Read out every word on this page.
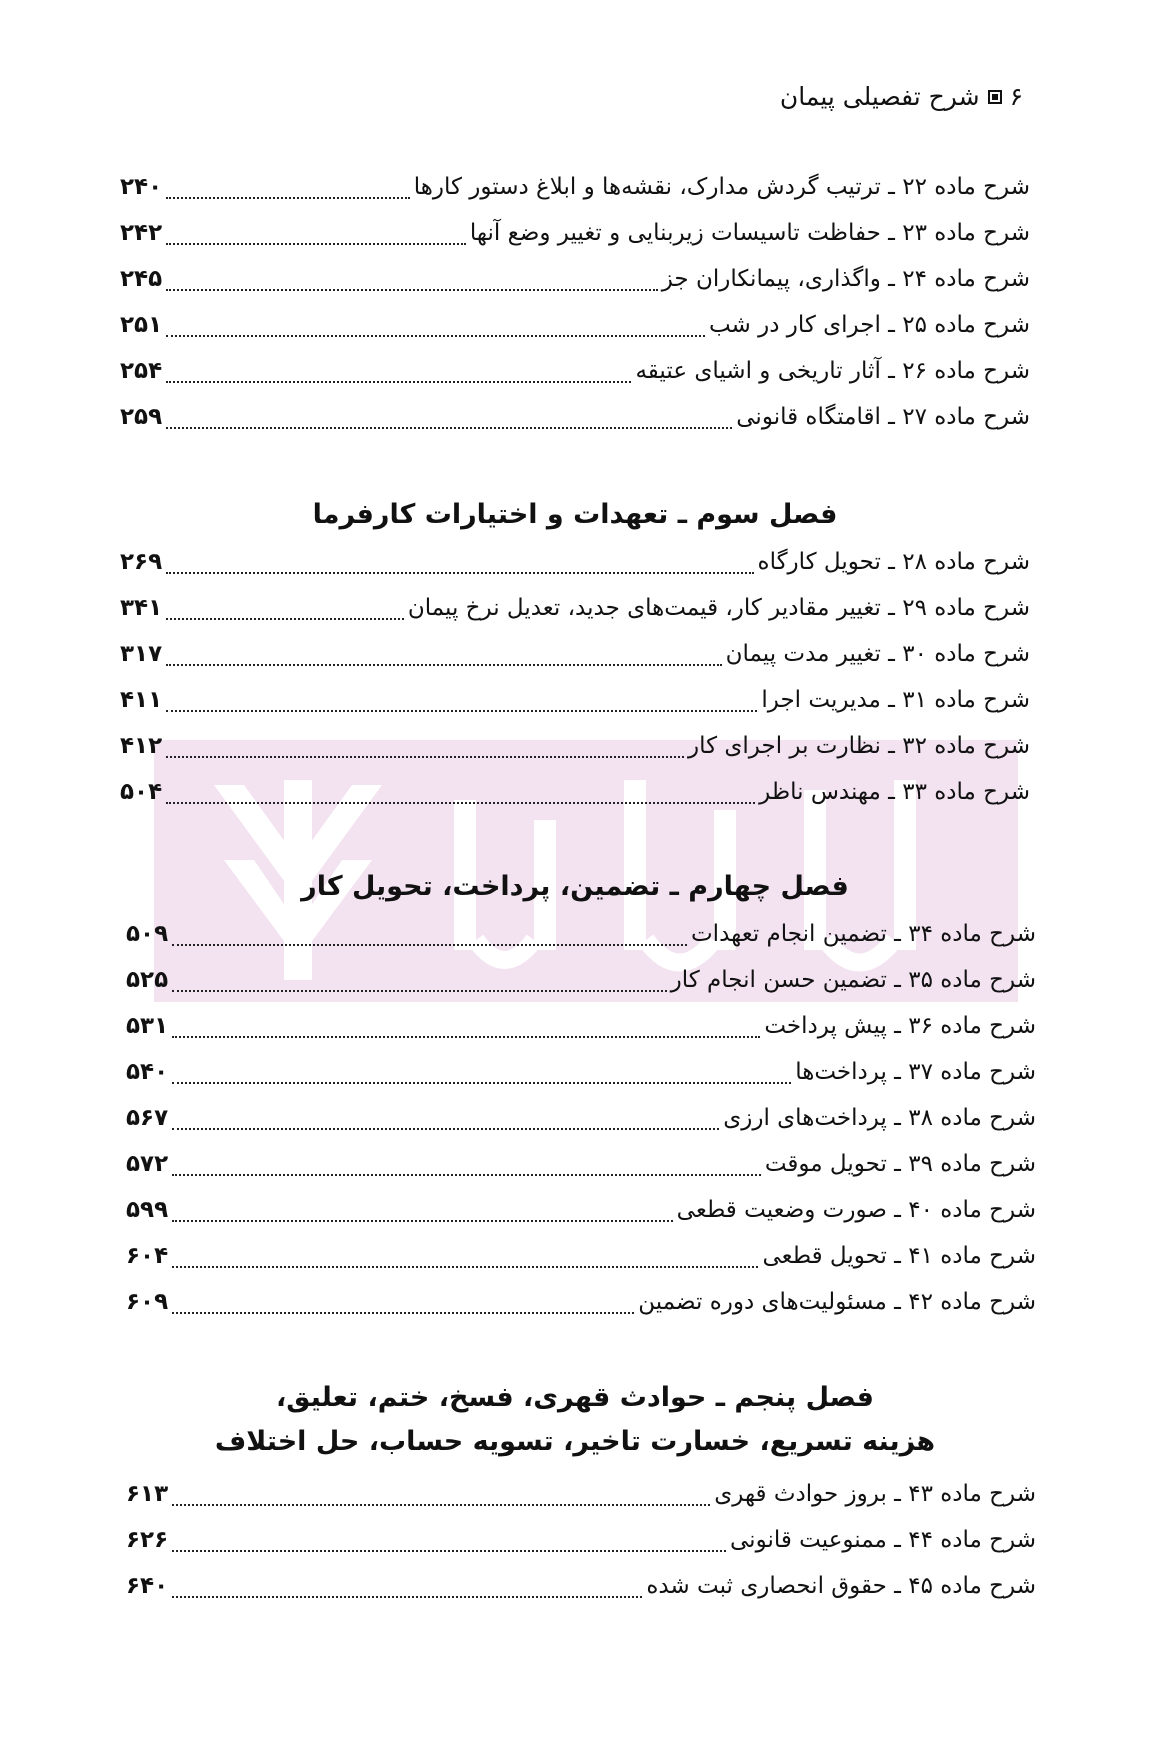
۶
شرح تفصیلی پیمان
شرح ماده ۲۲ ـ ترتیب گردش مدارک، نقشه‌ها و ابلاغ دستور کارها
۲۴۰
شرح ماده ۲۳ ـ حفاظت تاسیسات زیربنایی و تغییر وضع آنها
۲۴۲
شرح ماده ۲۴ ـ واگذاری، پیمانکاران جز
۲۴۵
شرح ماده ۲۵ ـ اجرای کار در شب
۲۵۱
شرح ماده ۲۶ ـ آثار تاریخی و اشیای عتیقه
۲۵۴
شرح ماده ۲۷ ـ اقامتگاه قانونی
۲۵۹
فصل سوم ـ تعهدات و اختیارات کارفرما
شرح ماده ۲۸ ـ تحویل کارگاه
۲۶۹
شرح ماده ۲۹ ـ تغییر مقادیر کار، قیمت‌های جدید، تعدیل نرخ پیمان
۳۴۱
شرح ماده ۳۰ ـ تغییر مدت پیمان
۳۱۷
شرح ماده ۳۱ ـ مدیریت اجرا
۴۱۱
شرح ماده ۳۲ ـ نظارت بر اجرای کار
۴۱۲
شرح ماده ۳۳ ـ مهندس ناظر
۵۰۴
فصل چهارم ـ تضمین، پرداخت، تحویل کار
شرح ماده ۳۴ ـ تضمین انجام تعهدات
۵۰۹
شرح ماده ۳۵ ـ تضمین حسن انجام کار
۵۲۵
شرح ماده ۳۶ ـ پیش پرداخت
۵۳۱
شرح ماده ۳۷ ـ پرداخت‌ها
۵۴۰
شرح ماده ۳۸ ـ پرداخت‌های ارزی
۵۶۷
شرح ماده ۳۹ ـ تحویل موقت
۵۷۲
شرح ماده ۴۰ ـ صورت وضعیت قطعی
۵۹۹
شرح ماده ۴۱ ـ تحویل قطعی
۶۰۴
شرح ماده ۴۲ ـ مسئولیت‌های دوره تضمین
۶۰۹
فصل پنجم ـ حوادث قهری، فسخ، ختم، تعلیق،
هزینه تسریع، خسارت تاخیر، تسویه حساب، حل اختلاف
شرح ماده ۴۳ ـ بروز حوادث قهری
۶۱۳
شرح ماده ۴۴ ـ ممنوعیت قانونی
۶۲۶
شرح ماده ۴۵ ـ حقوق انحصاری ثبت شده
۶۴۰
